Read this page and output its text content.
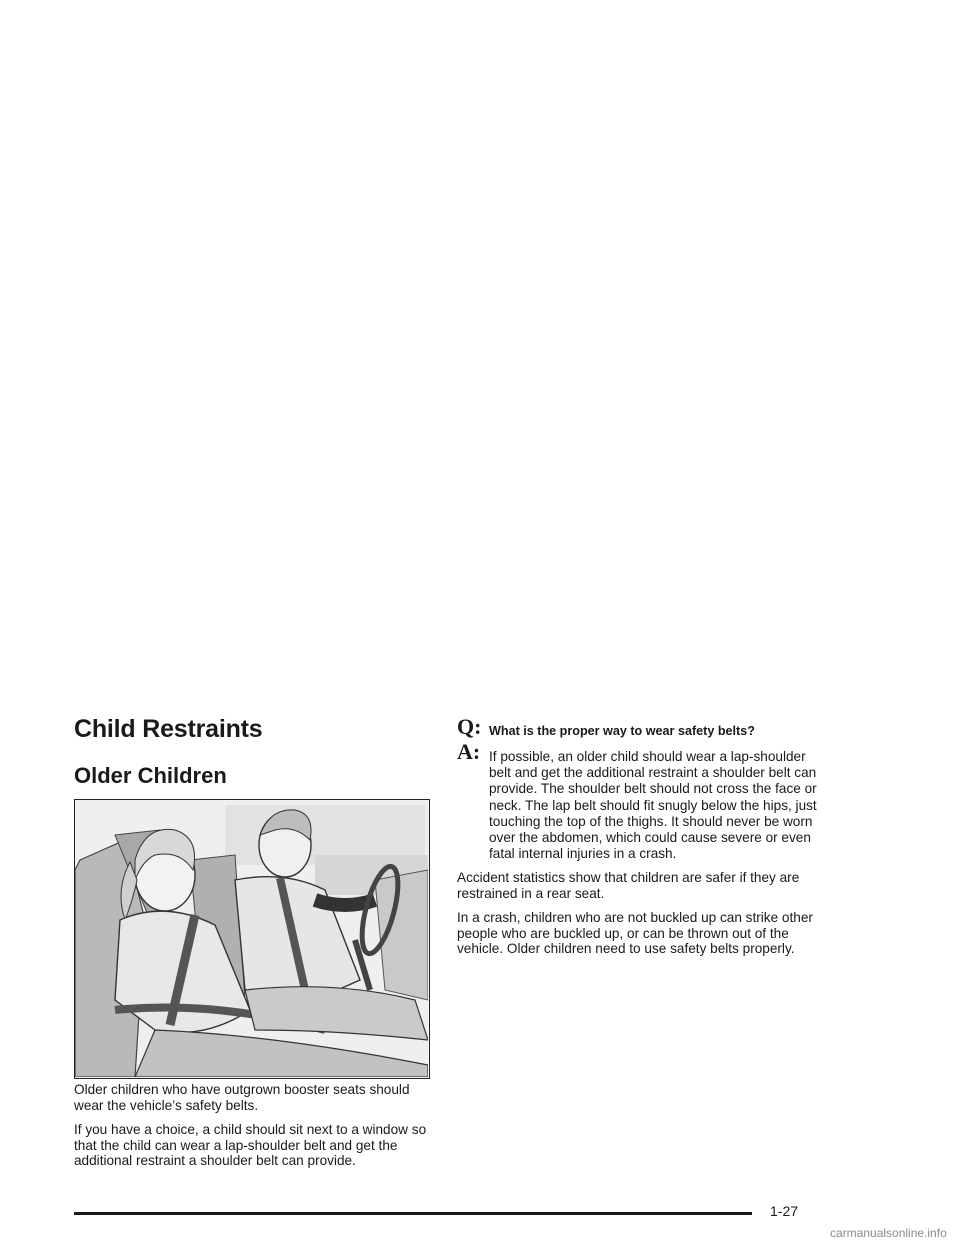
Child Restraints
Older Children

Older children who have outgrown booster seats should wear the vehicle’s safety belts.

If you have a choice, a child should sit next to a window so that the child can wear a lap-shoulder belt and get the additional restraint a shoulder belt can provide.

Q: What is the proper way to wear safety belts?
A: If possible, an older child should wear a lap-shoulder belt and get the additional restraint a shoulder belt can provide. The shoulder belt should not cross the face or neck. The lap belt should fit snugly below the hips, just touching the top of the thighs. It should never be worn over the abdomen, which could cause severe or even fatal internal injuries in a crash.

Accident statistics show that children are safer if they are restrained in a rear seat.

In a crash, children who are not buckled up can strike other people who are buckled up, or can be thrown out of the vehicle. Older children need to use safety belts properly.

1-27
carmanualsonline.info
